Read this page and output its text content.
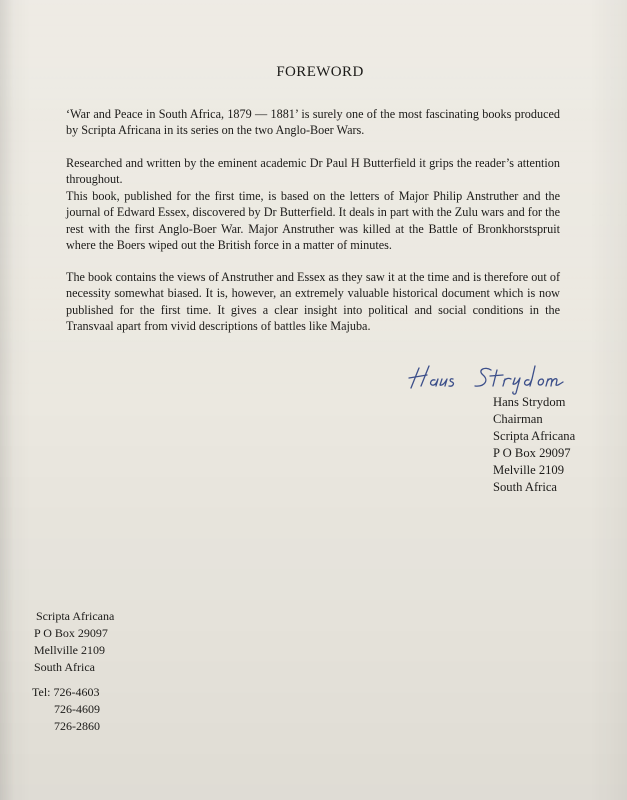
FOREWORD

‘War and Peace in South Africa, 1879 — 1881’ is surely one of the most fascinating books produced by Scripta Africana in its series on the two Anglo-Boer Wars.

Researched and written by the eminent academic Dr Paul H Butterfield it grips the reader’s attention throughout.

This book, published for the first time, is based on the letters of Major Philip Anstruther and the journal of Edward Essex, discovered by Dr Butterfield. It deals in part with the Zulu wars and for the rest with the first Anglo-Boer War. Major Anstruther was killed at the Battle of Bronkhorstspruit where the Boers wiped out the British force in a matter of minutes.

The book contains the views of Anstruther and Essex as they saw it at the time and is therefore out of necessity somewhat biased. It is, however, an extremely valuable historical document which is now published for the first time. It gives a clear insight into political and social conditions in the Transvaal apart from vivid descriptions of battles like Majuba.

Hans Strydom
Chairman
Scripta Africana
P O Box 29097
Melville 2109
South Africa
Scripta Africana
P O Box 29097
Mellville 2109
South Africa
Tel: 726-4603
726-4609
726-2860
